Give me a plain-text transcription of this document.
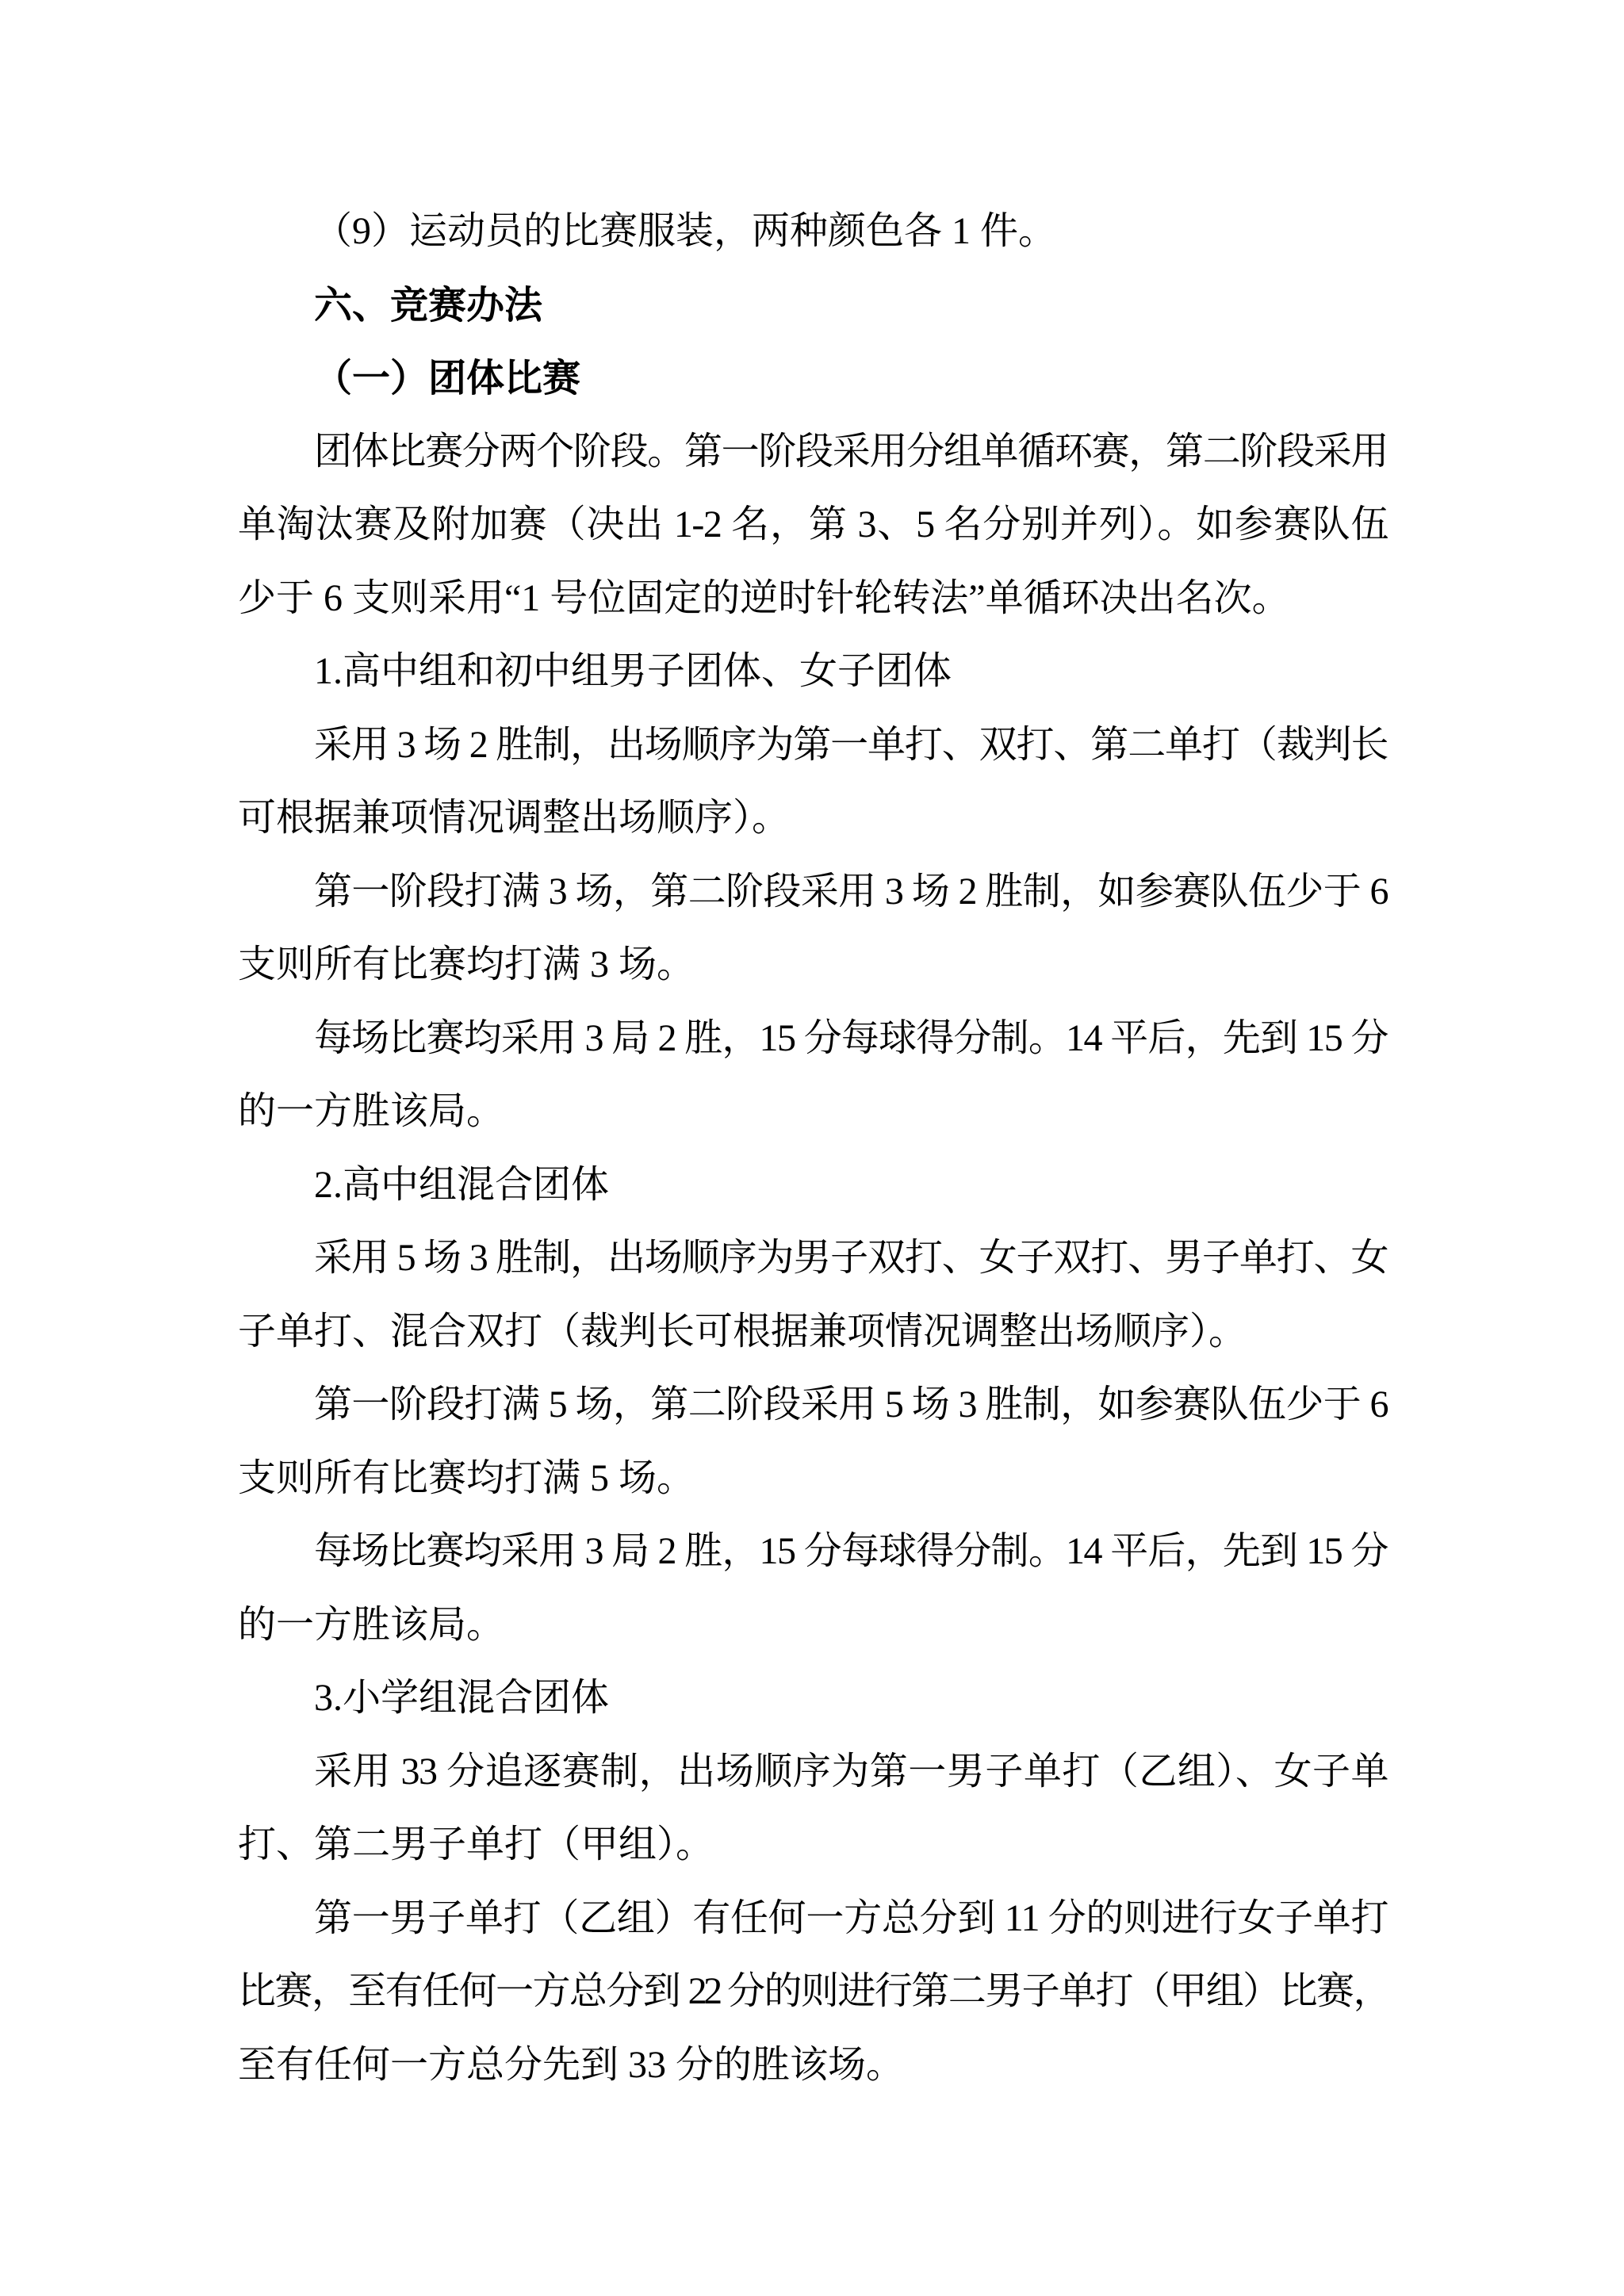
（9）运动员的比赛服装，两种颜色各 1 件。
六、竞赛办法
（一）团体比赛
团体比赛分两个阶段。第一阶段采用分组单循环赛，第二阶段采用
单淘汰赛及附加赛（决出 1-2 名，第 3、5 名分别并列）。如参赛队伍
少于 6 支则采用“1 号位固定的逆时针轮转法”单循环决出名次。
1.高中组和初中组男子团体、女子团体
采用 3 场 2 胜制，出场顺序为第一单打、双打、第二单打（裁判长
可根据兼项情况调整出场顺序）。
第一阶段打满 3 场，第二阶段采用 3 场 2 胜制，如参赛队伍少于 6
支则所有比赛均打满 3 场。
每场比赛均采用 3 局 2 胜，15 分每球得分制。14 平后，先到 15 分
的一方胜该局。
2.高中组混合团体
采用 5 场 3 胜制，出场顺序为男子双打、女子双打、男子单打、女
子单打、混合双打（裁判长可根据兼项情况调整出场顺序）。
第一阶段打满 5 场，第二阶段采用 5 场 3 胜制，如参赛队伍少于 6
支则所有比赛均打满 5 场。
每场比赛均采用 3 局 2 胜，15 分每球得分制。14 平后，先到 15 分
的一方胜该局。
3.小学组混合团体
采用 33 分追逐赛制，出场顺序为第一男子单打（乙组）、女子单
打、第二男子单打（甲组）。
第一男子单打（乙组）有任何一方总分到 11 分的则进行女子单打
比赛，至有任何一方总分到 22 分的则进行第二男子单打（甲组）比赛，
至有任何一方总分先到 33 分的胜该场。
